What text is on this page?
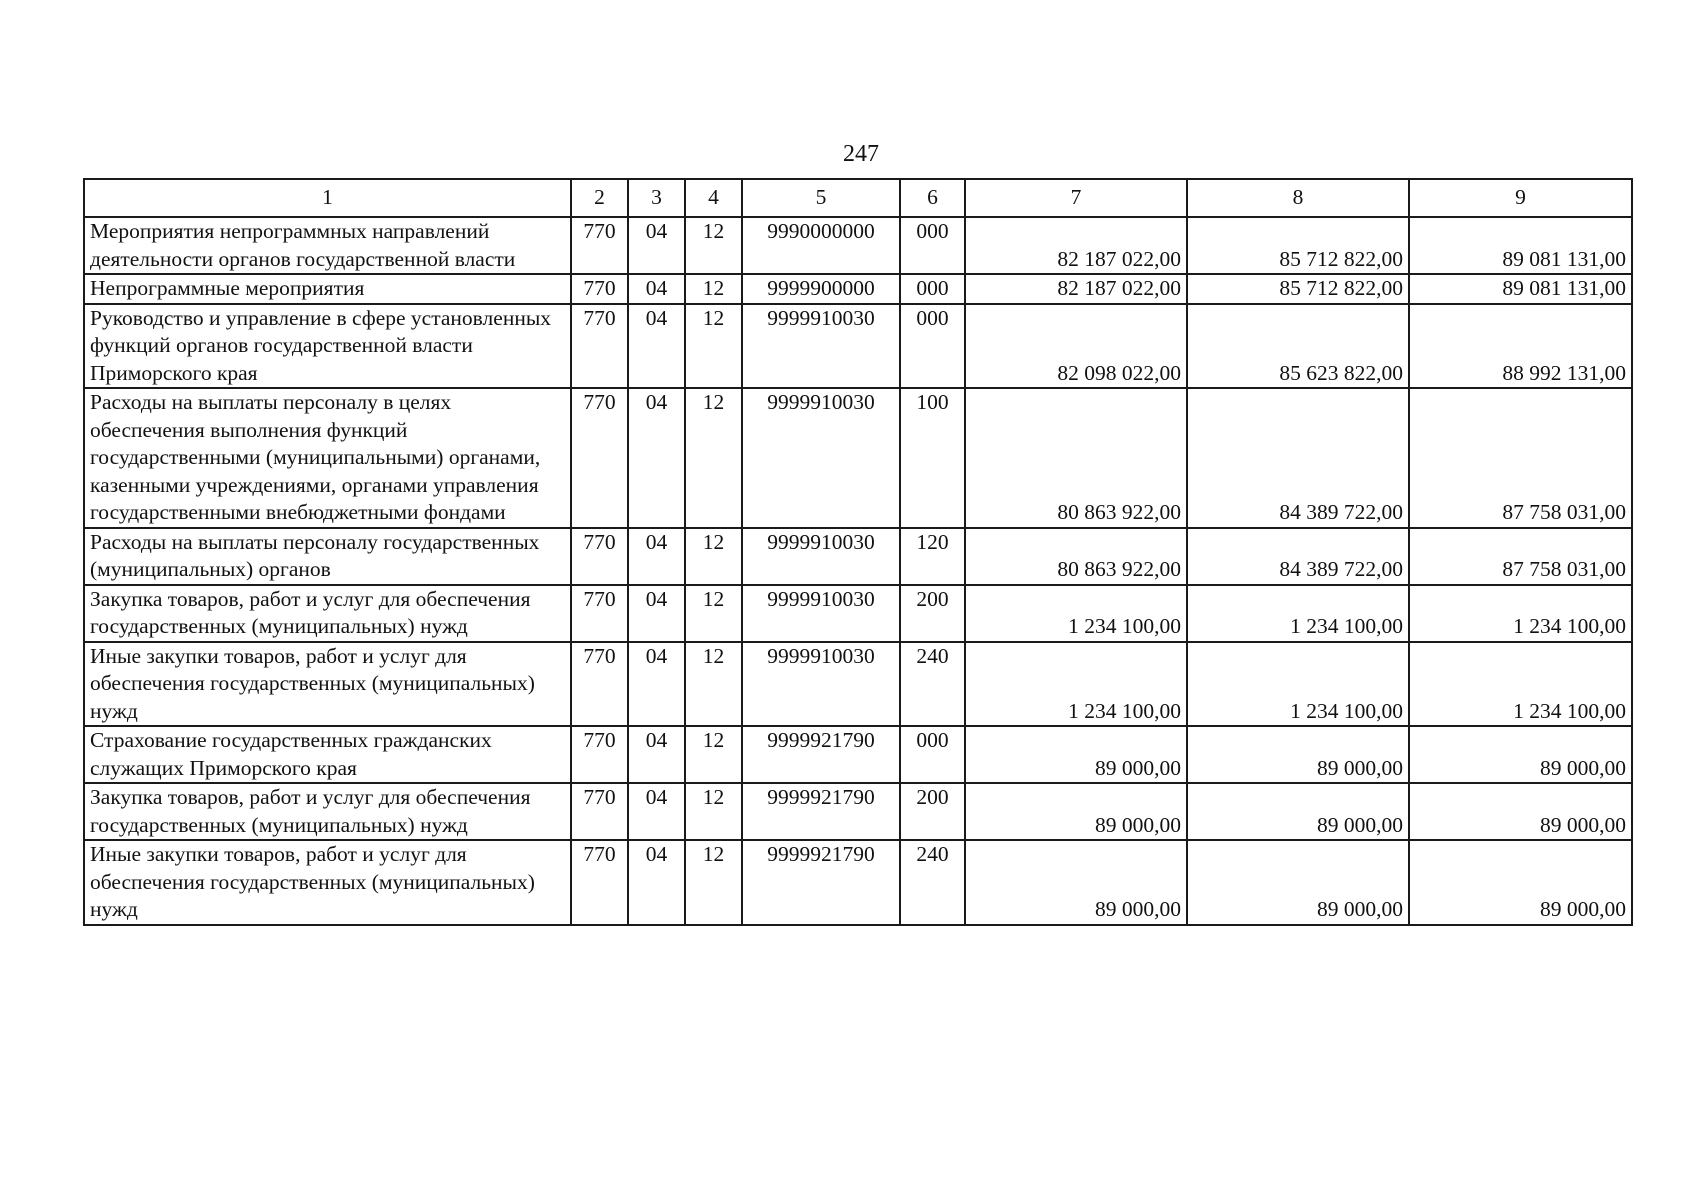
247
1	2	3	4	5	6	7	8	9
Мероприятия непрограммных направлений деятельности органов государственной власти	770	04	12	9990000000	000	82 187 022,00	85 712 822,00	89 081 131,00
Непрограммные мероприятия	770	04	12	9999900000	000	82 187 022,00	85 712 822,00	89 081 131,00
Руководство и управление в сфере установленных функций органов государственной власти Приморского края	770	04	12	9999910030	000	82 098 022,00	85 623 822,00	88 992 131,00
Расходы на выплаты персоналу в целях обеспечения выполнения функций государственными (муниципальными) органами, казенными учреждениями, органами управления государственными внебюджетными фондами	770	04	12	9999910030	100	80 863 922,00	84 389 722,00	87 758 031,00
Расходы на выплаты персоналу государственных (муниципальных) органов	770	04	12	9999910030	120	80 863 922,00	84 389 722,00	87 758 031,00
Закупка товаров, работ и услуг для обеспечения государственных (муниципальных) нужд	770	04	12	9999910030	200	1 234 100,00	1 234 100,00	1 234 100,00
Иные закупки товаров, работ и услуг для обеспечения государственных (муниципальных) нужд	770	04	12	9999910030	240	1 234 100,00	1 234 100,00	1 234 100,00
Страхование государственных гражданских служащих Приморского края	770	04	12	9999921790	000	89 000,00	89 000,00	89 000,00
Закупка товаров, работ и услуг для обеспечения государственных (муниципальных) нужд	770	04	12	9999921790	200	89 000,00	89 000,00	89 000,00
Иные закупки товаров, работ и услуг для обеспечения государственных (муниципальных) нужд	770	04	12	9999921790	240	89 000,00	89 000,00	89 000,00
